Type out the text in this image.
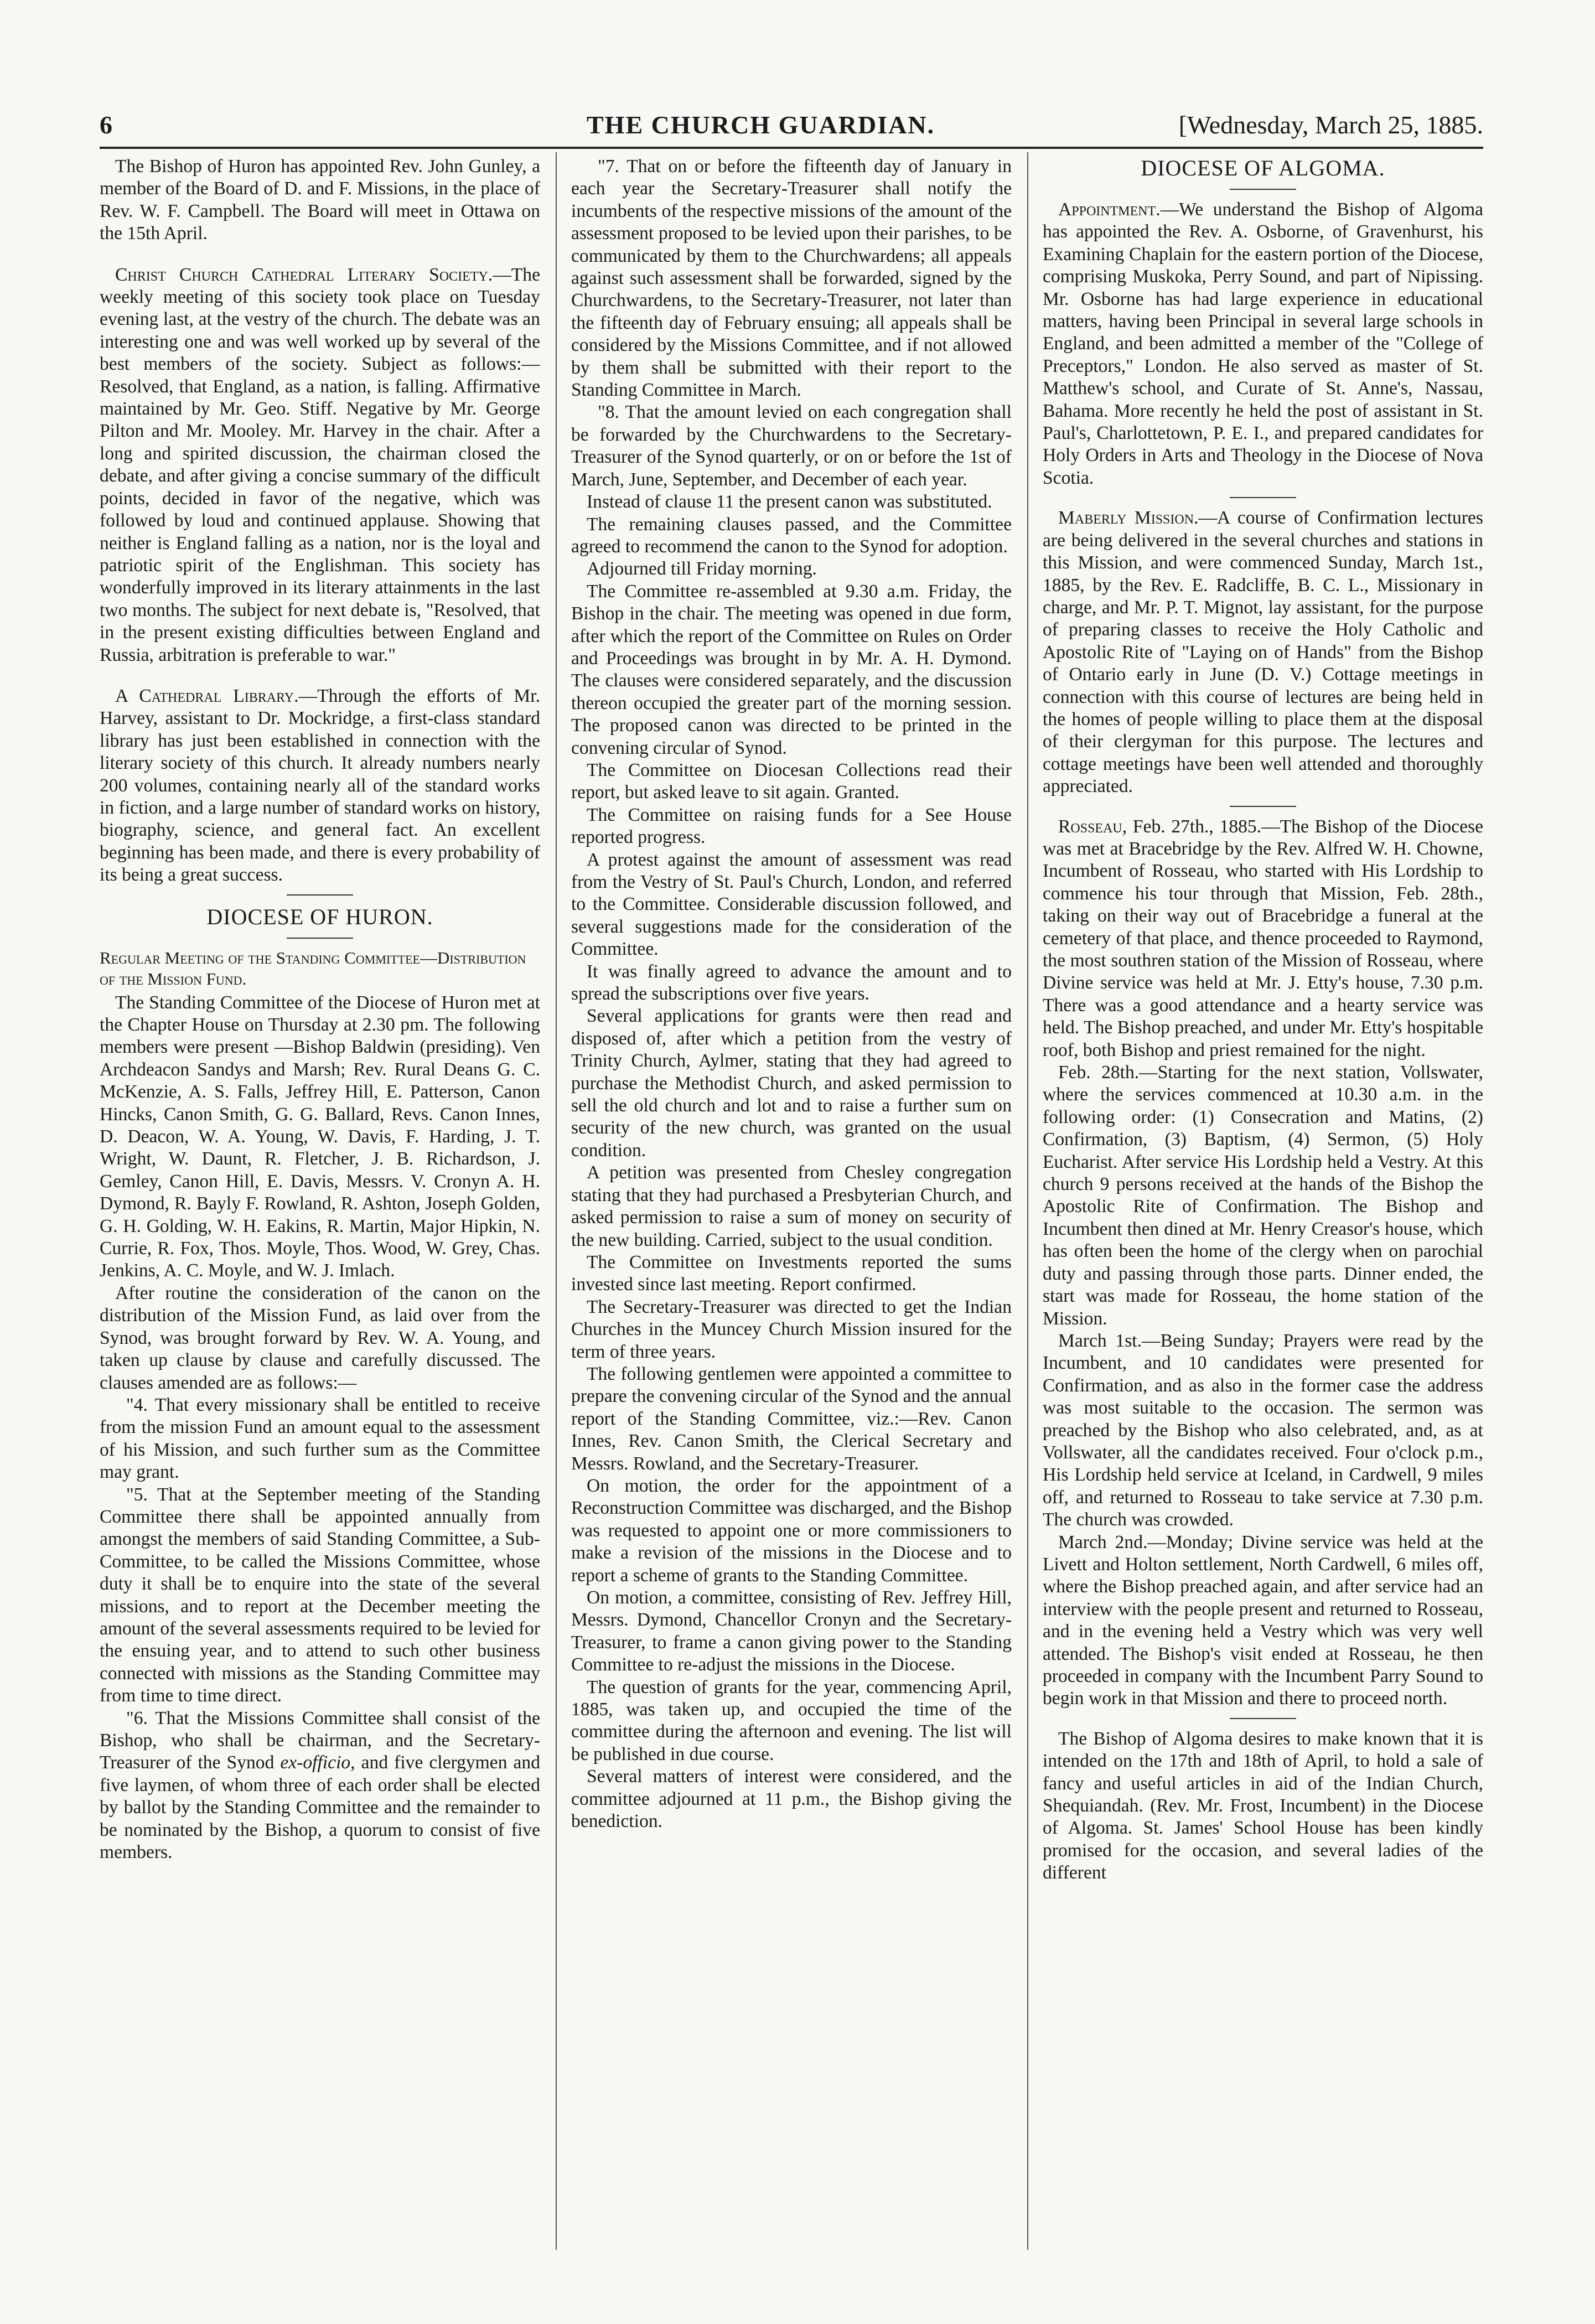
6	THE CHURCH GUARDIAN.	[Wednesday, March 25, 1885.

The Bishop of Huron has appointed Rev. John Gunley, a member of the Board of D. and F. Missions, in the place of Rev. W. F. Campbell. The Board will meet in Ottawa on the 15th April.

Christ Church Cathedral Literary Society.—The weekly meeting of this society took place on Tuesday evening last, at the vestry of the church. The debate was an interesting one and was well worked up by several of the best members of the society. Subject as follows:—Resolved, that England, as a nation, is falling. Affirmative maintained by Mr. Geo. Stiff. Negative by Mr. George Pilton and Mr. Mooley. Mr. Harvey in the chair. After a long and spirited discussion, the chairman closed the debate, and after giving a concise summary of the difficult points, decided in favor of the negative, which was followed by loud and continued applause. Showing that neither is England falling as a nation, nor is the loyal and patriotic spirit of the Englishman. This society has wonderfully improved in its literary attainments in the last two months. The subject for next debate is, "Resolved, that in the present existing difficulties between England and Russia, arbitration is preferable to war."

A Cathedral Library.—Through the efforts of Mr. Harvey, assistant to Dr. Mockridge, a first-class standard library has just been established in connection with the literary society of this church. It already numbers nearly 200 volumes, containing nearly all of the standard works in fiction, and a large number of standard works on history, biography, science, and general fact. An excellent beginning has been made, and there is every probability of its being a great success.

DIOCESE OF HURON.
Regular Meeting of the Standing Committee—Distribution of the Mission Fund.

The Standing Committee of the Diocese of Huron met at the Chapter House on Thursday at 2.30 pm. The following members were present —Bishop Baldwin (presiding). Ven Archdeacon Sandys and Marsh; Rev. Rural Deans G. C. McKenzie, A. S. Falls, Jeffrey Hill, E. Patterson, Canon Hincks, Canon Smith, G. G. Ballard, Revs. Canon Innes, D. Deacon, W. A. Young, W. Davis, F. Harding, J. T. Wright, W. Daunt, R. Fletcher, J. B. Richardson, J. Gemley, Canon Hill, E. Davis, Messrs. V. Cronyn A. H. Dymond, R. Bayly F. Rowland, R. Ashton, Joseph Golden, G. H. Golding, W. H. Eakins, R. Martin, Major Hipkin, N. Currie, R. Fox, Thos. Moyle, Thos. Wood, W. Grey, Chas. Jenkins, A. C. Moyle, and W. J. Imlach.

After routine the consideration of the canon on the distribution of the Mission Fund, as laid over from the Synod, was brought forward by Rev. W. A. Young, and taken up clause by clause and carefully discussed. The clauses amended are as follows:—

"4. That every missionary shall be entitled to receive from the mission Fund an amount equal to the assessment of his Mission, and such further sum as the Committee may grant.

"5. That at the September meeting of the Standing Committee there shall be appointed annually from amongst the members of said Standing Committee, a Sub-Committee, to be called the Missions Committee, whose duty it shall be to enquire into the state of the several missions, and to report at the December meeting the amount of the several assessments required to be levied for the ensuing year, and to attend to such other business connected with missions as the Standing Committee may from time to time direct.

"6. That the Missions Committee shall consist of the Bishop, who shall be chairman, and the Secretary-Treasurer of the Synod ex-officio, and five clergymen and five laymen, of whom three of each order shall be elected by ballot by the Standing Committee and the remainder to be nominated by the Bishop, a quorum to consist of five members.

"7. That on or before the fifteenth day of January in each year the Secretary-Treasurer shall notify the incumbents of the respective missions of the amount of the assessment proposed to be levied upon their parishes, to be communicated by them to the Churchwardens; all appeals against such assessment shall be forwarded, signed by the Churchwardens, to the Secretary-Treasurer, not later than the fifteenth day of February ensuing; all appeals shall be considered by the Missions Committee, and if not allowed by them shall be submitted with their report to the Standing Committee in March.

"8. That the amount levied on each congregation shall be forwarded by the Churchwardens to the Secretary-Treasurer of the Synod quarterly, or on or before the 1st of March, June, September, and December of each year.

Instead of clause 11 the present canon was substituted.

The remaining clauses passed, and the Committee agreed to recommend the canon to the Synod for adoption.

Adjourned till Friday morning.

The Committee re-assembled at 9.30 a.m. Friday, the Bishop in the chair. The meeting was opened in due form, after which the report of the Committee on Rules on Order and Proceedings was brought in by Mr. A. H. Dymond. The clauses were considered separately, and the discussion thereon occupied the greater part of the morning session. The proposed canon was directed to be printed in the convening circular of Synod.

The Committee on Diocesan Collections read their report, but asked leave to sit again. Granted.

The Committee on raising funds for a See House reported progress.

A protest against the amount of assessment was read from the Vestry of St. Paul's Church, London, and referred to the Committee. Considerable discussion followed, and several suggestions made for the consideration of the Committee.

It was finally agreed to advance the amount and to spread the subscriptions over five years.

Several applications for grants were then read and disposed of, after which a petition from the vestry of Trinity Church, Aylmer, stating that they had agreed to purchase the Methodist Church, and asked permission to sell the old church and lot and to raise a further sum on security of the new church, was granted on the usual condition.

A petition was presented from Chesley congregation stating that they had purchased a Presbyterian Church, and asked permission to raise a sum of money on security of the new building. Carried, subject to the usual condition.

The Committee on Investments reported the sums invested since last meeting. Report confirmed.

The Secretary-Treasurer was directed to get the Indian Churches in the Muncey Church Mission insured for the term of three years.

The following gentlemen were appointed a committee to prepare the convening circular of the Synod and the annual report of the Standing Committee, viz.:—Rev. Canon Innes, Rev. Canon Smith, the Clerical Secretary and Messrs. Rowland, and the Secretary-Treasurer.

On motion, the order for the appointment of a Reconstruction Committee was discharged, and the Bishop was requested to appoint one or more commissioners to make a revision of the missions in the Diocese and to report a scheme of grants to the Standing Committee.

On motion, a committee, consisting of Rev. Jeffrey Hill, Messrs. Dymond, Chancellor Cronyn and the Secretary-Treasurer, to frame a canon giving power to the Standing Committee to re-adjust the missions in the Diocese.

The question of grants for the year, commencing April, 1885, was taken up, and occupied the time of the committee during the afternoon and evening. The list will be published in due course.

Several matters of interest were considered, and the committee adjourned at 11 p.m., the Bishop giving the benediction.

DIOCESE OF ALGOMA.

Appointment.—We understand the Bishop of Algoma has appointed the Rev. A. Osborne, of Gravenhurst, his Examining Chaplain for the eastern portion of the Diocese, comprising Muskoka, Perry Sound, and part of Nipissing. Mr. Osborne has had large experience in educational matters, having been Principal in several large schools in England, and been admitted a member of the "College of Preceptors," London. He also served as master of St. Matthew's school, and Curate of St. Anne's, Nassau, Bahama. More recently he held the post of assistant in St. Paul's, Charlottetown, P. E. I., and prepared candidates for Holy Orders in Arts and Theology in the Diocese of Nova Scotia.

Maberly Mission.—A course of Confirmation lectures are being delivered in the several churches and stations in this Mission, and were commenced Sunday, March 1st., 1885, by the Rev. E. Radcliffe, B. C. L., Missionary in charge, and Mr. P. T. Mignot, lay assistant, for the purpose of preparing classes to receive the Holy Catholic and Apostolic Rite of "Laying on of Hands" from the Bishop of Ontario early in June (D. V.) Cottage meetings in connection with this course of lectures are being held in the homes of people willing to place them at the disposal of their clergyman for this purpose. The lectures and cottage meetings have been well attended and thoroughly appreciated.

Rosseau, Feb. 27th., 1885.—The Bishop of the Diocese was met at Bracebridge by the Rev. Alfred W. H. Chowne, Incumbent of Rosseau, who started with His Lordship to commence his tour through that Mission, Feb. 28th., taking on their way out of Bracebridge a funeral at the cemetery of that place, and thence proceeded to Raymond, the most southren station of the Mission of Rosseau, where Divine service was held at Mr. J. Etty's house, 7.30 p.m. There was a good attendance and a hearty service was held. The Bishop preached, and under Mr. Etty's hospitable roof, both Bishop and priest remained for the night.

Feb. 28th.—Starting for the next station, Vollswater, where the services commenced at 10.30 a.m. in the following order: (1) Consecration and Matins, (2) Confirmation, (3) Baptism, (4) Sermon, (5) Holy Eucharist. After service His Lordship held a Vestry. At this church 9 persons received at the hands of the Bishop the Apostolic Rite of Confirmation. The Bishop and Incumbent then dined at Mr. Henry Creasor's house, which has often been the home of the clergy when on parochial duty and passing through those parts. Dinner ended, the start was made for Rosseau, the home station of the Mission.

March 1st.—Being Sunday; Prayers were read by the Incumbent, and 10 candidates were presented for Confirmation, and as also in the former case the address was most suitable to the occasion. The sermon was preached by the Bishop who also celebrated, and, as at Vollswater, all the candidates received. Four o'clock p.m., His Lordship held service at Iceland, in Cardwell, 9 miles off, and returned to Rosseau to take service at 7.30 p.m. The church was crowded.

March 2nd.—Monday; Divine service was held at the Livett and Holton settlement, North Cardwell, 6 miles off, where the Bishop preached again, and after service had an interview with the people present and returned to Rosseau, and in the evening held a Vestry which was very well attended. The Bishop's visit ended at Rosseau, he then proceeded in company with the Incumbent Parry Sound to begin work in that Mission and there to proceed north.

The Bishop of Algoma desires to make known that it is intended on the 17th and 18th of April, to hold a sale of fancy and useful articles in aid of the Indian Church, Shequiandah. (Rev. Mr. Frost, Incumbent) in the Diocese of Algoma. St. James' School House has been kindly promised for the occasion, and several ladies of the different
